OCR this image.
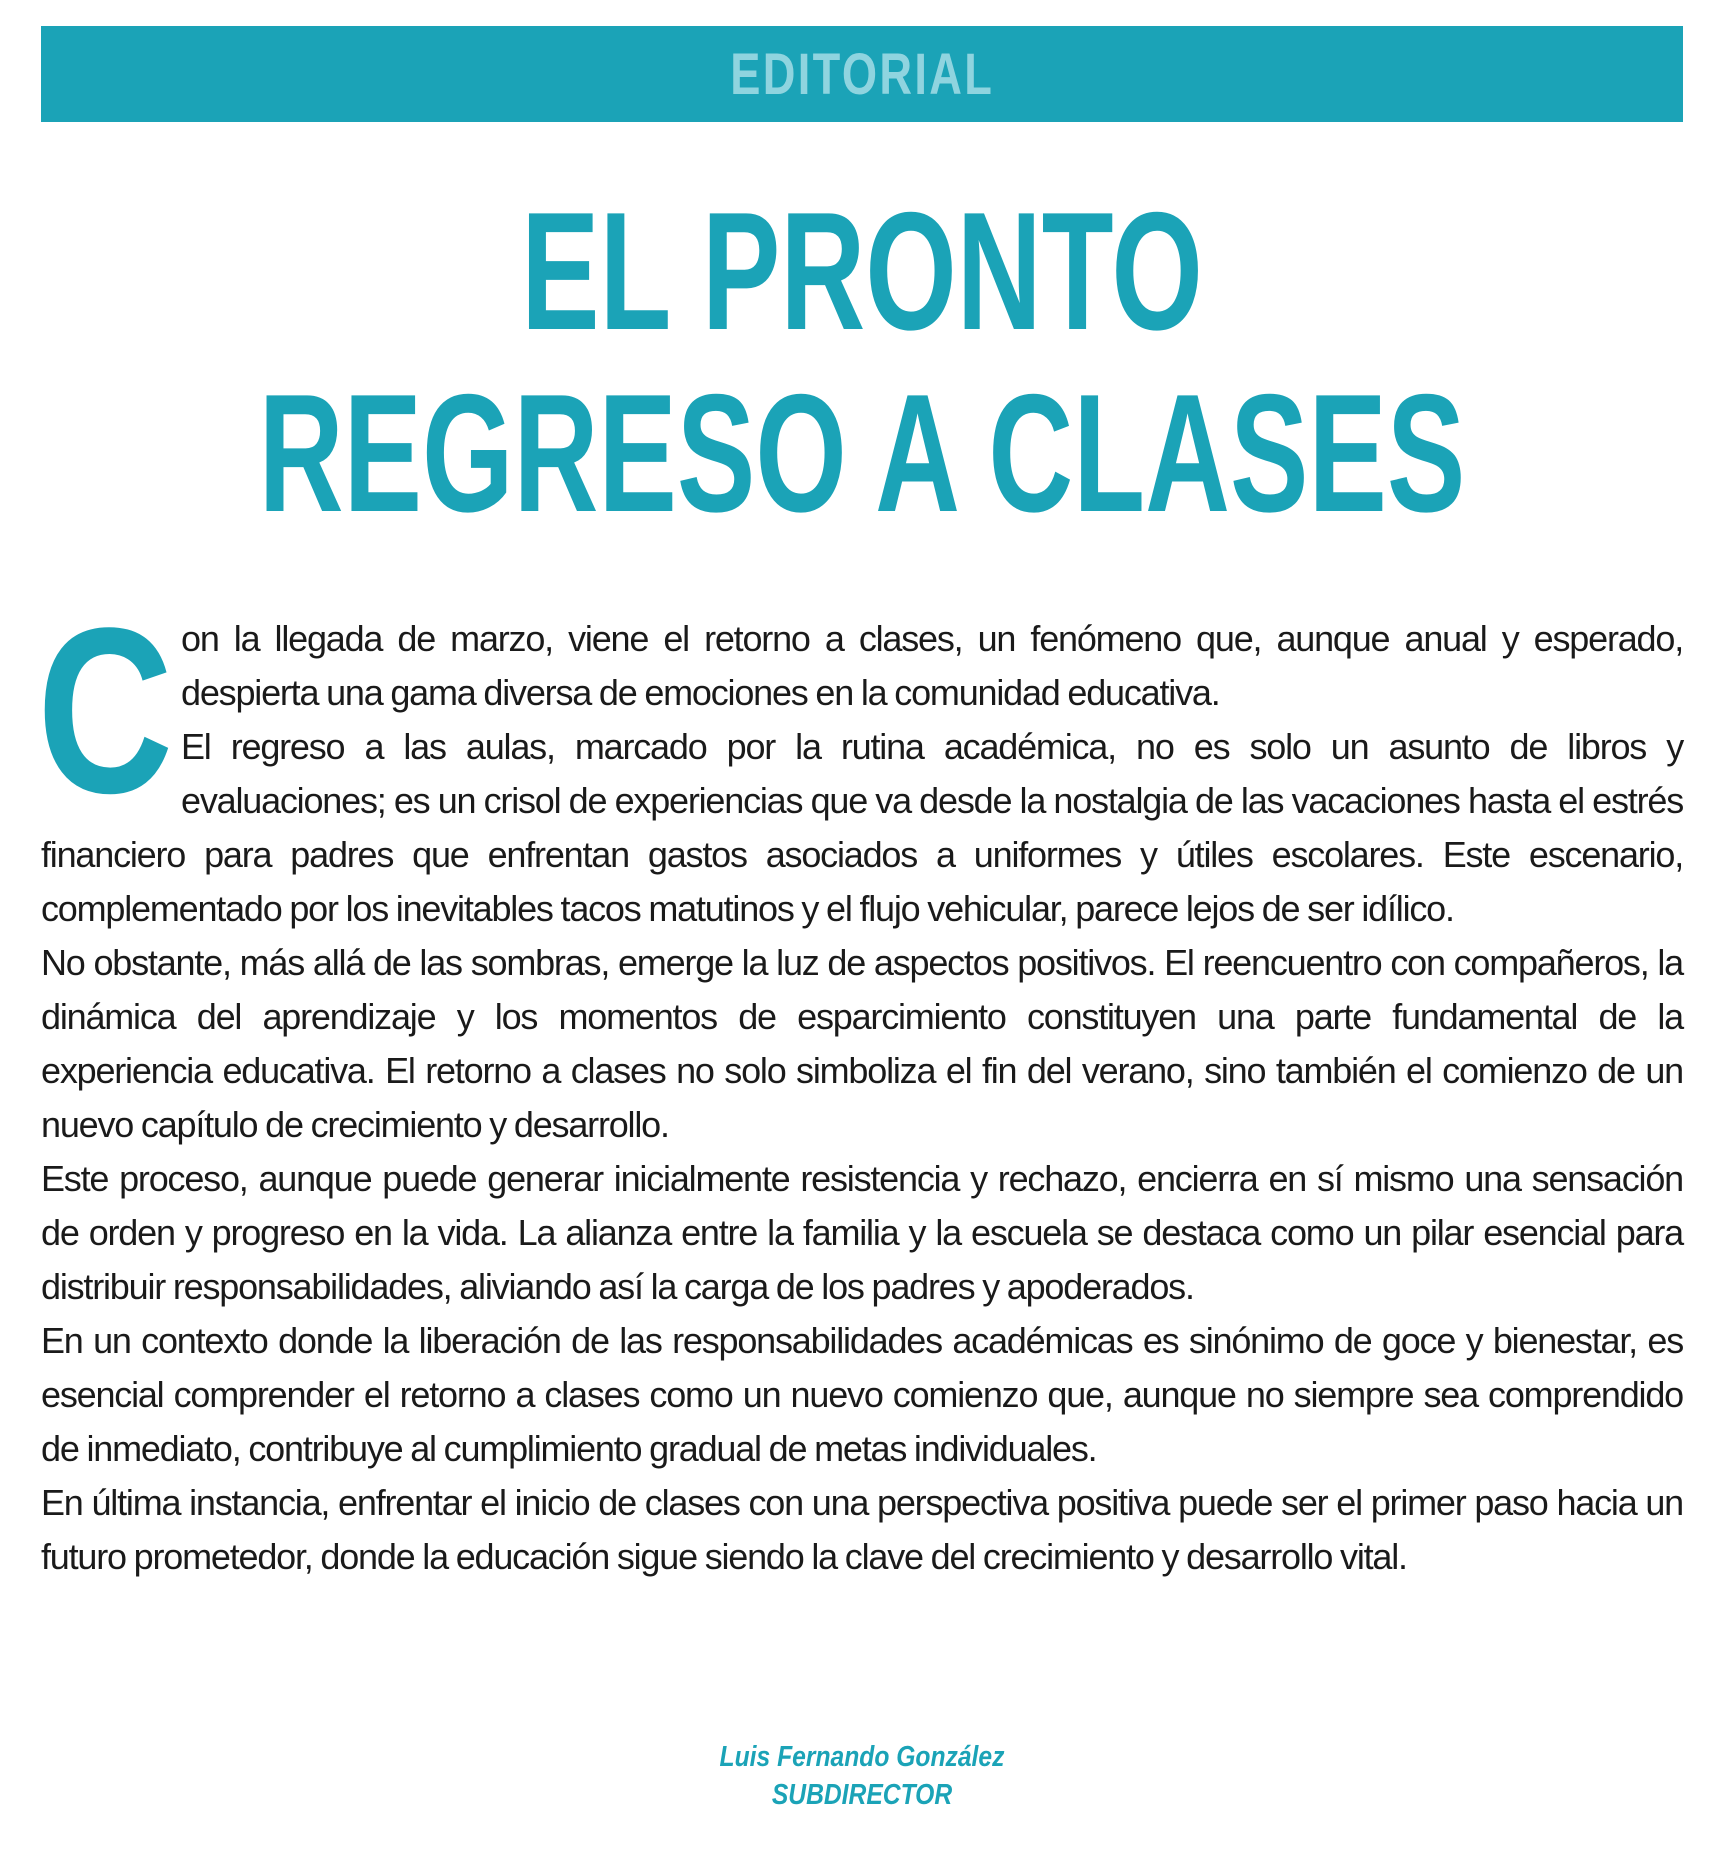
EDITORIAL
EL PRONTO
REGRESO A CLASES

Con la llegada de marzo, viene el retorno a clases, un fenómeno que, aunque anual y esperado, despierta una gama diversa de emociones en la comunidad educativa.

El regreso a las aulas, marcado por la rutina académica, no es solo un asunto de libros y evaluaciones; es un crisol de experiencias que va desde la nostalgia de las vacaciones hasta el estrés financiero para padres que enfrentan gastos asociados a uniformes y útiles escolares. Este escenario, complementado por los inevitables tacos matutinos y el flujo vehicular, parece lejos de ser idílico.

No obstante, más allá de las sombras, emerge la luz de aspectos positivos. El reencuentro con compañeros, la dinámica del aprendizaje y los momentos de esparcimiento constituyen una parte fundamental de la experiencia educativa. El retorno a clases no solo simboliza el fin del verano, sino también el comienzo de un nuevo capítulo de crecimiento y desarrollo.

Este proceso, aunque puede generar inicialmente resistencia y rechazo, encierra en sí mismo una sensación de orden y progreso en la vida. La alianza entre la familia y la escuela se destaca como un pilar esencial para distribuir responsabilidades, aliviando así la carga de los padres y apoderados.

En un contexto donde la liberación de las responsabilidades académicas es sinónimo de goce y bienestar, es esencial comprender el retorno a clases como un nuevo comienzo que, aunque no siempre sea comprendido de inmediato, contribuye al cumplimiento gradual de metas individuales.

En última instancia, enfrentar el inicio de clases con una perspectiva positiva puede ser el primer paso hacia un futuro prometedor, donde la educación sigue siendo la clave del crecimiento y desarrollo vital.

Luis Fernando González
SUBDIRECTOR
